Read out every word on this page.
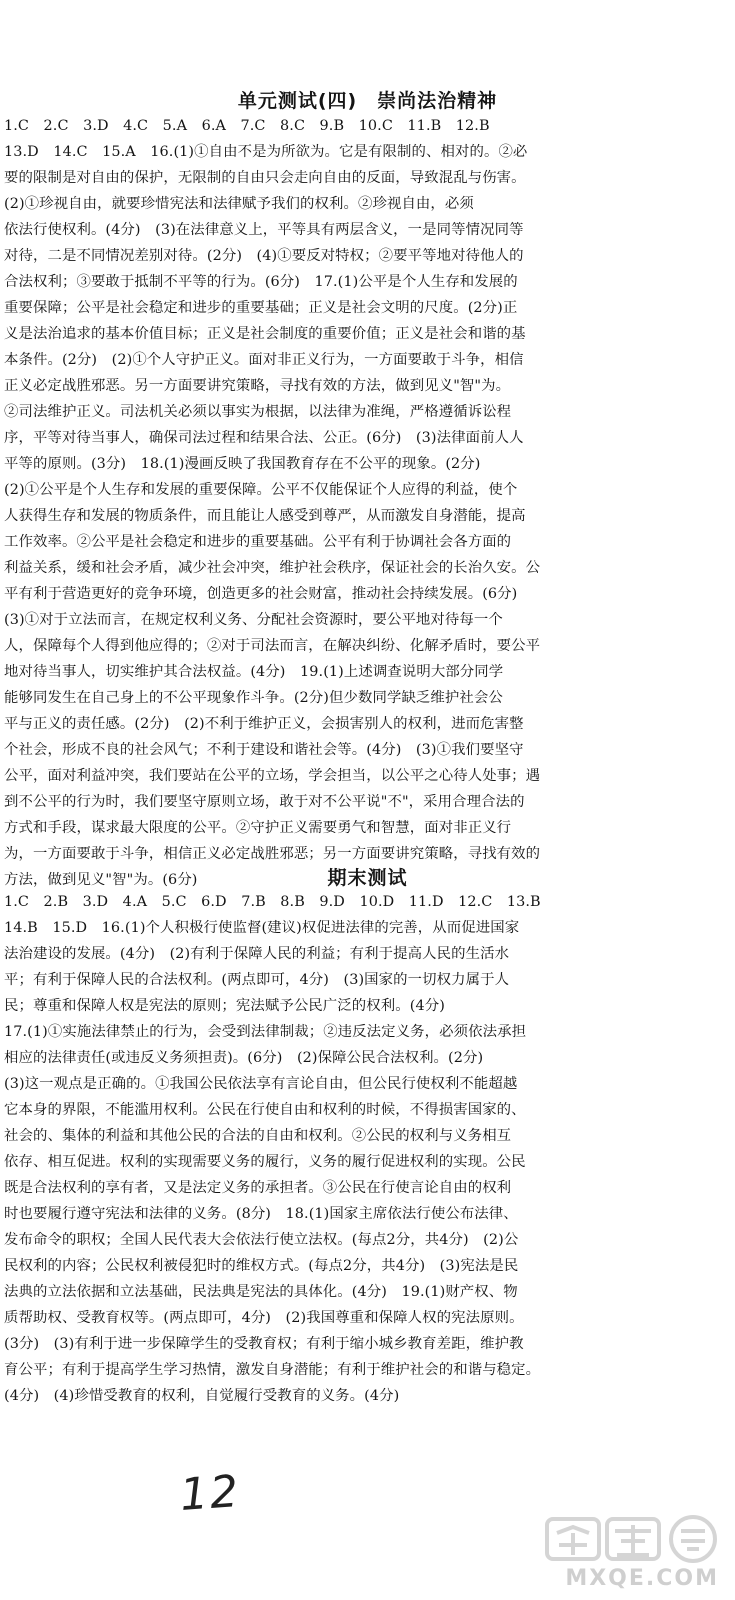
单元测试(四)　崇尚法治精神
1.C　2.C　3.D　4.C　5.A　6.A　7.C　8.C　9.B　10.C　11.B　12.B
13.D　14.C　15.A　16.(1)①自由不是为所欲为。它是有限制的、相对的。②必
要的限制是对自由的保护，无限制的自由只会走向自由的反面，导致混乱与伤害。
(2)①珍视自由，就要珍惜宪法和法律赋予我们的权利。②珍视自由，必须
依法行使权利。(4分)　(3)在法律意义上，平等具有两层含义，一是同等情况同等
对待，二是不同情况差别对待。(2分)　(4)①要反对特权；②要平等地对待他人的
合法权利；③要敢于抵制不平等的行为。(6分)　17.(1)公平是个人生存和发展的
重要保障；公平是社会稳定和进步的重要基础；正义是社会文明的尺度。(2分)正
义是法治追求的基本价值目标；正义是社会制度的重要价值；正义是社会和谐的基
本条件。(2分)　(2)①个人守护正义。面对非正义行为，一方面要敢于斗争，相信
正义必定战胜邪恶。另一方面要讲究策略，寻找有效的方法，做到见义"智"为。
②司法维护正义。司法机关必须以事实为根据，以法律为准绳，严格遵循诉讼程
序，平等对待当事人，确保司法过程和结果合法、公正。(6分)　(3)法律面前人人
平等的原则。(3分)　18.(1)漫画反映了我国教育存在不公平的现象。(2分)
(2)①公平是个人生存和发展的重要保障。公平不仅能保证个人应得的利益，使个
人获得生存和发展的物质条件，而且能让人感受到尊严，从而激发自身潜能，提高
工作效率。②公平是社会稳定和进步的重要基础。公平有利于协调社会各方面的
利益关系，缓和社会矛盾，减少社会冲突，维护社会秩序，保证社会的长治久安。公
平有利于营造更好的竞争环境，创造更多的社会财富，推动社会持续发展。(6分)
(3)①对于立法而言，在规定权利义务、分配社会资源时，要公平地对待每一个
人，保障每个人得到他应得的；②对于司法而言，在解决纠纷、化解矛盾时，要公平
地对待当事人，切实维护其合法权益。(4分)　19.(1)上述调查说明大部分同学
能够同发生在自己身上的不公平现象作斗争。(2分)但少数同学缺乏维护社会公
平与正义的责任感。(2分)　(2)不利于维护正义，会损害别人的权利，进而危害整
个社会，形成不良的社会风气；不利于建设和谐社会等。(4分)　(3)①我们要坚守
公平，面对利益冲突，我们要站在公平的立场，学会担当，以公平之心待人处事；遇
到不公平的行为时，我们要坚守原则立场，敢于对不公平说"不"，采用合理合法的
方式和手段，谋求最大限度的公平。②守护正义需要勇气和智慧，面对非正义行
为，一方面要敢于斗争，相信正义必定战胜邪恶；另一方面要讲究策略，寻找有效的
方法，做到见义"智"为。(6分)	期末测试
1.C　2.B　3.D　4.A　5.C　6.D　7.B　8.B　9.D　10.D　11.D　12.C　13.B
14.B　15.D　16.(1)个人积极行使监督(建议)权促进法律的完善，从而促进国家
法治建设的发展。(4分)　(2)有利于保障人民的利益；有利于提高人民的生活水
平；有利于保障人民的合法权利。(两点即可，4分)　(3)国家的一切权力属于人
民；尊重和保障人权是宪法的原则；宪法赋予公民广泛的权利。(4分)
17.(1)①实施法律禁止的行为，会受到法律制裁；②违反法定义务，必须依法承担
相应的法律责任(或违反义务须担责)。(6分)　(2)保障公民合法权利。(2分)
(3)这一观点是正确的。①我国公民依法享有言论自由，但公民行使权利不能超越
它本身的界限，不能滥用权利。公民在行使自由和权利的时候，不得损害国家的、
社会的、集体的利益和其他公民的合法的自由和权利。②公民的权利与义务相互
依存、相互促进。权利的实现需要义务的履行，义务的履行促进权利的实现。公民
既是合法权利的享有者，又是法定义务的承担者。③公民在行使言论自由的权利
时也要履行遵守宪法和法律的义务。(8分)　18.(1)国家主席依法行使公布法律、
发布命令的职权；全国人民代表大会依法行使立法权。(每点2分，共4分)　(2)公
民权利的内容；公民权利被侵犯时的维权方式。(每点2分，共4分)　(3)宪法是民
法典的立法依据和立法基础，民法典是宪法的具体化。(4分)　19.(1)财产权、物
质帮助权、受教育权等。(两点即可，4分)　(2)我国尊重和保障人权的宪法原则。
(3分)　(3)有利于进一步保障学生的受教育权；有利于缩小城乡教育差距，维护教
育公平；有利于提高学生学习热情，激发自身潜能；有利于维护社会的和谐与稳定。
(4分)　(4)珍惜受教育的权利，自觉履行受教育的义务。(4分)
12
MXQE.COM
